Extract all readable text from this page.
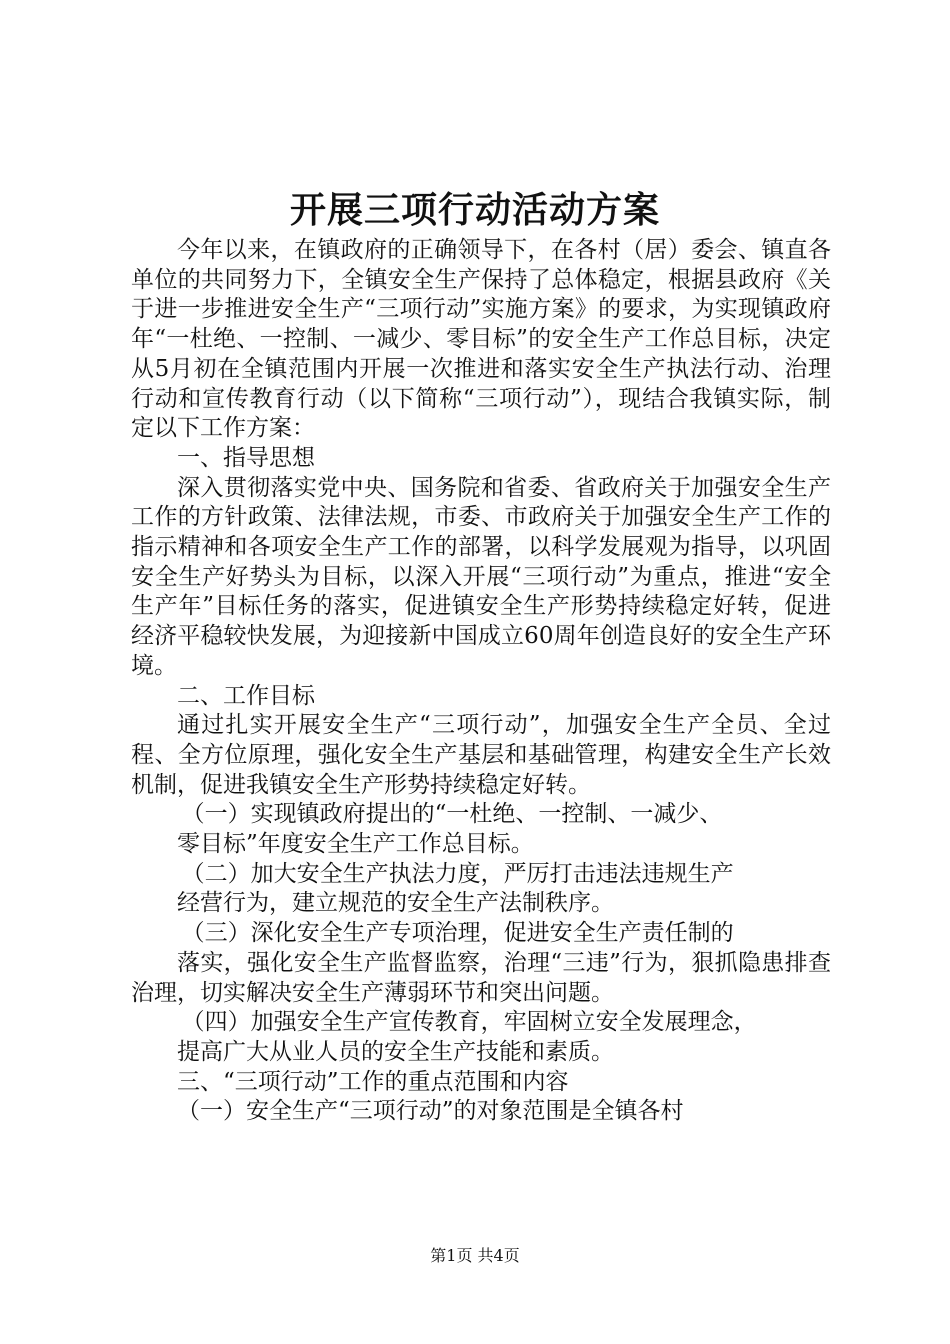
开展三项行动活动方案

今年以来，在镇政府的正确领导下，在各村（居）委会、镇直各单位的共同努力下，全镇安全生产保持了总体稳定，根据县政府《关于进一步推进安全生产“三项行动”实施方案》的要求，为实现镇政府年“一杜绝、一控制、一减少、零目标”的安全生产工作总目标，决定从5月初在全镇范围内开展一次推进和落实安全生产执法行动、治理行动和宣传教育行动（以下简称“三项行动”），现结合我镇实际，制定以下工作方案：

一、指导思想

深入贯彻落实党中央、国务院和省委、省政府关于加强安全生产工作的方针政策、法律法规，市委、市政府关于加强安全生产工作的指示精神和各项安全生产工作的部署，以科学发展观为指导，以巩固安全生产好势头为目标，以深入开展“三项行动”为重点，推进“安全生产年”目标任务的落实，促进镇安全生产形势持续稳定好转，促进经济平稳较快发展，为迎接新中国成立60周年创造良好的安全生产环境。

二、工作目标

通过扎实开展安全生产“三项行动”，加强安全生产全员、全过程、全方位原理，强化安全生产基层和基础管理，构建安全生产长效机制，促进我镇安全生产形势持续稳定好转。

（一）实现镇政府提出的“一杜绝、一控制、一减少、

零目标”年度安全生产工作总目标。

（二）加大安全生产执法力度，严厉打击违法违规生产

经营行为，建立规范的安全生产法制秩序。

（三）深化安全生产专项治理，促进安全生产责任制的

落实，强化安全生产监督监察，治理“三违”行为，狠抓隐患排查治理，切实解决安全生产薄弱环节和突出问题。

（四）加强安全生产宣传教育，牢固树立安全发展理念，

提高广大从业人员的安全生产技能和素质。

三、“三项行动”工作的重点范围和内容

（一）安全生产“三项行动”的对象范围是全镇各村

第1页 共4页
